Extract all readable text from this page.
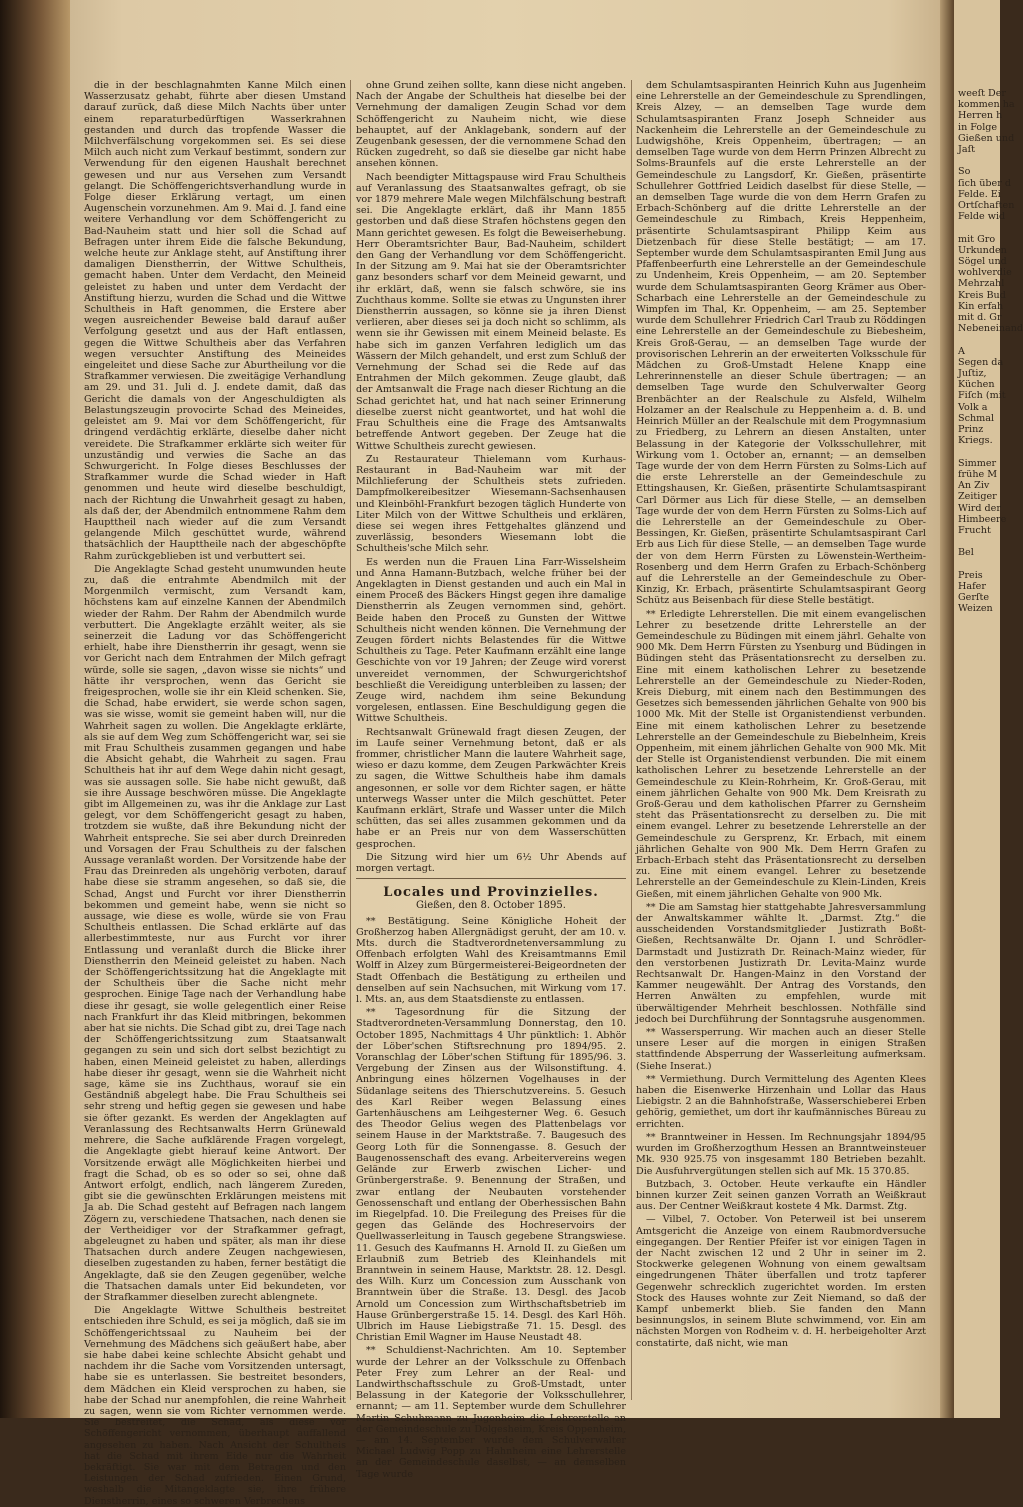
die in der beschlagnahmten Kanne Milch einen Wasserzusatz gehabt, führte aber diesen Umstand darauf zurück, daß diese Milch Nachts über unter einem reparaturbedürftigen Wasserkrahnen gestanden und durch das tropfende Wasser die Milchverfälschung vorgekommen sei. Es sei diese Milch auch nicht zum Verkauf bestimmt, sondern zur Verwendung für den eigenen Haushalt berechnet gewesen und nur aus Versehen zum Versandt gelangt. Die Schöffengerichtsverhandlung wurde in Folge dieser Erklärung vertagt, um einen Augenschein vorzunehmen. Am 9. Mai d. J. fand eine weitere Verhandlung vor dem Schöffengericht zu Bad-Nauheim statt und hier soll die Schad auf Befragen unter ihrem Eide die falsche Bekundung, welche heute zur Anklage steht, auf Anstiftung ihrer damaligen Dienstherrin, der Wittwe Schultheis, gemacht haben. Unter dem Verdacht, den Meineid geleistet zu haben und unter dem Verdacht der Anstiftung hierzu, wurden die Schad und die Wittwe Schultheis in Haft genommen, die Erstere aber wegen ausreichender Beweise bald darauf außer Verfolgung gesetzt und aus der Haft entlassen, gegen die Wittwe Schultheis aber das Verfahren wegen versuchter Anstiftung des Meineides eingeleitet und diese Sache zur Aburtheilung vor die Strafkammer verwiesen. Die zweitägige Verhandlung am 29. und 31. Juli d. J. endete damit, daß das Gericht die damals von der Angeschuldigten als Belastungszeugin provocirte Schad des Meineides, geleistet am 9. Mai vor dem Schöffengericht, für dringend verdächtig erklärte, dieselbe daher nicht vereidete. Die Strafkammer erklärte sich weiter für unzuständig und verwies die Sache an das Schwurgericht. In Folge dieses Beschlusses der Strafkammer wurde die Schad wieder in Haft genommen und heute wird dieselbe beschuldigt, nach der Richtung die Unwahrheit gesagt zu haben, als daß der, der Abendmilch entnommene Rahm dem Haupttheil nach wieder auf die zum Versandt gelangende Milch geschüttet wurde, während thatsächlich der Haupttheile nach der abgeschöpfte Rahm zurückgeblieben ist und verbuttert sei.

Die Angeklagte Schad gesteht unumwunden heute zu, daß die entrahmte Abendmilch mit der Morgenmilch vermischt, zum Versandt kam, höchstens kam auf einzelne Kannen der Abendmilch wieder der Rahm. Der Rahm der Abendmilch wurde verbuttert. Die Angeklagte erzählt weiter, als sie seinerzeit die Ladung vor das Schöffengericht erhielt, habe ihre Dienstherrin ihr gesagt, wenn sie vor Gericht nach dem Entrahmen der Milch gefragt würde, solle sie sagen, „davon wisse sie nichts“ und hätte ihr versprochen, wenn das Gericht sie freigesprochen, wolle sie ihr ein Kleid schenken. Sie, die Schad, habe erwidert, sie werde schon sagen, was sie wisse, womit sie gemeint haben will, nur die Wahrheit sagen zu wollen. Die Angeklagte erklärte, als sie auf dem Weg zum Schöffengericht war, sei sie mit Frau Schultheis zusammen gegangen und habe die Absicht gehabt, die Wahrheit zu sagen. Frau Schultheis hat ihr auf dem Wege dahin nicht gesagt, was sie aussagen solle. Sie habe nicht gewußt, daß sie ihre Aussage beschwören müsse. Die Angeklagte gibt im Allgemeinen zu, was ihr die Anklage zur Last gelegt, vor dem Schöffengericht gesagt zu haben, trotzdem sie wußte, daß ihre Bekundung nicht der Wahrheit entspreche. Sie sei aber durch Dreinreden und Vorsagen der Frau Schultheis zu der falschen Aussage veranlaßt worden. Der Vorsitzende habe der Frau das Dreinreden als ungehörig verboten, darauf habe diese sie stramm angesehen, so daß sie, die Schad, Angst und Furcht vor ihrer Dienstherrin bekommen und gemeint habe, wenn sie nicht so aussage, wie diese es wolle, würde sie von Frau Schultheis entlassen. Die Schad erklärte auf das allerbestimmteste, nur aus Furcht vor ihrer Entlassung und veranlaßt durch die Blicke ihrer Dienstherrin den Meineid geleistet zu haben. Nach der Schöffengerichtssitzung hat die Angeklagte mit der Schultheis über die Sache nicht mehr gesprochen. Einige Tage nach der Verhandlung habe diese ihr gesagt, sie wolle gelegentlich einer Reise nach Frankfurt ihr das Kleid mitbringen, bekommen aber hat sie nichts. Die Schad gibt zu, drei Tage nach der Schöffengerichtssitzung zum Staatsanwalt gegangen zu sein und sich dort selbst bezichtigt zu haben, einen Meineid geleistet zu haben, allerdings habe dieser ihr gesagt, wenn sie die Wahrheit nicht sage, käme sie ins Zuchthaus, worauf sie ein Geständniß abgelegt habe. Die Frau Schultheis sei sehr streng und heftig gegen sie gewesen und habe sie öfter gezankt. Es werden der Angeklagten auf Veranlassung des Rechtsanwalts Herrn Grünewald mehrere, die Sache aufklärende Fragen vorgelegt, die Angeklagte giebt hierauf keine Antwort. Der Vorsitzende erwägt alle Möglichkeiten hierbei und fragt die Schad, ob es so oder so sei, ohne daß Antwort erfolgt, endlich, nach längerem Zureden, gibt sie die gewünschten Erklärungen meistens mit Ja ab. Die Schad gesteht auf Befragen nach langem Zögern zu, verschiedene Thatsachen, nach denen sie der Vertheidiger vor der Strafkammer gefragt, abgeleugnet zu haben und später, als man ihr diese Thatsachen durch andere Zeugen nachgewiesen, dieselben zugestanden zu haben, ferner bestätigt die Angeklagte, daß sie den Zeugen gegenüber, welche die Thatsachen damals unter Eid bekundeten, vor der Strafkammer dieselben zurecht ablengnete.

Die Angeklagte Wittwe Schultheis bestreitet entschieden ihre Schuld, es sei ja möglich, daß sie im Schöffengerichtssaal zu Nauheim bei der Vernehmung des Mädchens sich geäußert habe, aber sie habe dabei keine schlechte Absicht gehabt und nachdem ihr die Sache vom Vorsitzenden untersagt, habe sie es unterlassen. Sie bestreitet besonders, dem Mädchen ein Kleid versprochen zu haben, sie habe der Schad nur anempfohlen, die reine Wahrheit zu sagen, wenn sie vom Richter vernommen werde. Sie bestreitet, die Schad, als diese vor Schöffengericht vernommen, überhaupt auffallend angesehen zu haben. Nach Ansicht der Schultheis hat die Schad mit ihrem Eide nur die Wahrheit bekräftigt. Sie war mit dem Betragen und den Leistungen der Schad zufrieden. Einen Grund, weshalb die Mitangeklagte sie, ihre frühere Dienstherrin, eines so schweren Verbrechens

ohne Grund zeihen sollte, kann diese nicht angeben. Nach der Angabe der Schultheis hat dieselbe bei der Vernehmung der damaligen Zeugin Schad vor dem Schöffengericht zu Nauheim nicht, wie diese behauptet, auf der Anklagebank, sondern auf der Zeugenbank gesessen, der die vernommene Schad den Rücken zugedreht, so daß sie dieselbe gar nicht habe ansehen können.

Nach beendigter Mittagspause wird Frau Schultheis auf Veranlassung des Staatsanwaltes gefragt, ob sie vor 1879 mehrere Male wegen Milchfälschung bestraft sei. Die Angeklagte erklärt, daß ihr Mann 1855 gestorben und daß diese Strafen höchstens gegen den Mann gerichtet gewesen. Es folgt die Beweiserhebung. Herr Oberamtsrichter Baur, Bad-Nauheim, schildert den Gang der Verhandlung vor dem Schöffengericht. In der Sitzung am 9. Mai hat sie der Oberamtsrichter ganz besonders scharf vor dem Meineid gewarnt, und ihr erklärt, daß, wenn sie falsch schwöre, sie ins Zuchthaus komme. Sollte sie etwas zu Ungunsten ihrer Dienstherrin aussagen, so könne sie ja ihren Dienst verlieren, aber dieses sei ja doch nicht so schlimm, als wenn sie ihr Gewissen mit einem Meineid belaste. Es habe sich im ganzen Verfahren lediglich um das Wässern der Milch gehandelt, und erst zum Schluß der Vernehmung der Schad sei die Rede auf das Entrahmen der Milch gekommen. Zeuge glaubt, daß der Amtsanwalt die Frage nach dieser Richtung an die Schad gerichtet hat, und hat nach seiner Erinnerung dieselbe zuerst nicht geantwortet, und hat wohl die Frau Schultheis eine die Frage des Amtsanwalts betreffende Antwort gegeben. Der Zeuge hat die Wittwe Schultheis zurecht gewiesen.

Zu Restaurateur Thielemann vom Kurhaus-Restaurant in Bad-Nauheim war mit der Milchlieferung der Schultheis stets zufrieden. Dampfmolkereibesitzer Wiesemann-Sachsenhausen und Kleinböhl-Frankfurt bezogen täglich Hunderte von Liter Milch von der Wittwe Schultheis und erklären, diese sei wegen ihres Fettgehaltes glänzend und zuverlässig, besonders Wiesemann lobt die Schultheis'sche Milch sehr.

Es werden nun die Frauen Lina Farr-Wisselsheim und Anna Hamann-Butzbach, welche früher bei der Angeklagten in Dienst gestanden und auch ein Mal in einem Proceß des Bäckers Hingst gegen ihre damalige Dienstherrin als Zeugen vernommen sind, gehört. Beide haben den Proceß zu Gunsten der Wittwe Schultheis nicht wenden können. Die Vernehmung der Zeugen fördert nichts Belastendes für die Wittwe Schultheis zu Tage. Peter Kaufmann erzählt eine lange Geschichte von vor 19 Jahren; der Zeuge wird vorerst unvereidet vernommen, der Schwurgerichtshof beschließt die Vereidigung unterbleiben zu lassen; der Zeuge wird, nachdem ihm seine Bekundung vorgelesen, entlassen. Eine Beschuldigung gegen die Wittwe Schultheis.

Rechtsanwalt Grünewald fragt diesen Zeugen, der im Laufe seiner Vernehmung betont, daß er als frommer, christlicher Mann die lautere Wahrheit sage, wieso er dazu komme, dem Zeugen Parkwächter Kreis zu sagen, die Wittwe Schultheis habe ihm damals angesonnen, er solle vor dem Richter sagen, er hätte unterwegs Wasser unter die Milch geschüttet. Peter Kaufmann erklärt, Strafe und Wasser unter die Milch schütten, das sei alles zusammen gekommen und da habe er an Preis nur von dem Wasserschütten gesprochen.

Die Sitzung wird hier um 6½ Uhr Abends auf morgen vertagt.

Locales und Provinzielles.
Gießen, den 8. October 1895.

** Bestätigung. Seine Königliche Hoheit der Großherzog haben Allergnädigst geruht, der am 10. v. Mts. durch die Stadtverordnetenversammlung zu Offenbach erfolgten Wahl des Kreisamtmanns Emil Wolff in Alzey zum Bürgermeisterei-Beigeordneten der Stadt Offenbach die Bestätigung zu ertheilen und denselben auf sein Nachsuchen, mit Wirkung vom 17. l. Mts. an, aus dem Staatsdienste zu entlassen.

** Tagesordnung für die Sitzung der Stadtverordneten-Versammlung Donnerstag, den 10. October 1895, Nachmittags 4 Uhr pünktlich: 1. Abhör der Löber'schen Stiftsrechnung pro 1894/95. 2. Voranschlag der Löber'schen Stiftung für 1895/96. 3. Vergebung der Zinsen aus der Wilsonstiftung. 4. Anbringung eines hölzernen Vogelhauses in der Südanlage seitens des Thierschutzvereins. 5. Gesuch des Karl Reiber wegen Belassung eines Gartenhäuschens am Leihgesterner Weg. 6. Gesuch des Theodor Gelius wegen des Plattenbelags vor seinem Hause in der Marktstraße. 7. Baugesuch des Georg Loth für die Sonnengasse. 8. Gesuch der Baugenossenschaft des evang. Arbeitervereins wegen Gelände zur Erwerb zwischen Licher- und Grünbergerstraße. 9. Benennung der Straßen, und zwar entlang der Neubauten vorstehender Genossenschaft und entlang der Oberhessischen Bahn im Riegelpfad. 10. Die Freilegung des Preises für die gegen das Gelände des Hochreservoirs der Quellwasserleitung in Tausch gegebene Strangswiese. 11. Gesuch des Kaufmanns H. Arnold II. zu Gießen um Erlaubniß zum Betrieb des Kleinhandels mit Branntwein in seinem Hause, Marktstr. 28. 12. Desgl. des Wilh. Kurz um Concession zum Ausschank von Branntwein über die Straße. 13. Desgl. des Jacob Arnold um Concession zum Wirthschaftsbetrieb im Hause Grünbergerstraße 15. 14. Desgl. des Karl Höh. Ulbrich im Hause Liebigstraße 71. 15. Desgl. des Christian Emil Wagner im Hause Neustadt 48.

** Schuldienst-Nachrichten. Am 10. September wurde der Lehrer an der Volksschule zu Offenbach Peter Frey zum Lehrer an der Real- und Landwirthschaftsschule zu Groß-Umstadt, unter Belassung in der Kategorie der Volksschullehrer, ernannt; — am 11. September wurde dem Schullehrer Martin Schuhmann zu Jugenheim die Lehrerstelle an der Gemeindeschule zu Dolgesheim, Kreis Oppenheim, — am 14. September wurde dem Schulverwalter Michael Ludwig Popp zu Hahnheim eine Lehrerstelle an der Gemeindeschule daselbst, — an demselben Tage wurde

dem Schulamtsaspiranten Heinrich Kuhn aus Jugenheim eine Lehrerstelle an der Gemeindeschule zu Sprendlingen, Kreis Alzey, — an demselben Tage wurde dem Schulamtsaspiranten Franz Joseph Schneider aus Nackenheim die Lehrerstelle an der Gemeindeschule zu Ludwigshöhe, Kreis Oppenheim, übertragen; — an demselben Tage wurde von dem Herrn Prinzen Albrecht zu Solms-Braunfels auf die erste Lehrerstelle an der Gemeindeschule zu Langsdorf, Kr. Gießen, präsentirte Schullehrer Gottfried Leidich daselbst für diese Stelle, — an demselben Tage wurde die von dem Herrn Grafen zu Erbach-Schönberg auf die dritte Lehrerstelle an der Gemeindeschule zu Rimbach, Kreis Heppenheim, präsentirte Schulamtsaspirant Philipp Keim aus Dietzenbach für diese Stelle bestätigt; — am 17. September wurde dem Schulamtsaspiranten Emil Jung aus Pfaffenbeerfurth eine Lehrerstelle an der Gemeindeschule zu Undenheim, Kreis Oppenheim, — am 20. September wurde dem Schulamtsaspiranten Georg Krämer aus Ober-Scharbach eine Lehrerstelle an der Gemeindeschule zu Wimpfen im Thal, Kr. Oppenheim, — am 25. September wurde dem Schullehrer Friedrich Carl Traub zu Röddingen eine Lehrerstelle an der Gemeindeschule zu Biebesheim, Kreis Groß-Gerau, — an demselben Tage wurde der provisorischen Lehrerin an der erweiterten Volksschule für Mädchen zu Groß-Umstadt Helene Knapp eine Lehrerinnenstelle an dieser Schule übertragen; — an demselben Tage wurde den Schulverwalter Georg Brenbächter an der Realschule zu Alsfeld, Wilhelm Holzamer an der Realschule zu Heppenheim a. d. B. und Heinrich Müller an der Realschule mit dem Progymnasium zu Friedberg, zu Lehrern an diesen Anstalten, unter Belassung in der Kategorie der Volksschullehrer, mit Wirkung vom 1. October an, ernannt; — an demselben Tage wurde der von dem Herrn Fürsten zu Solms-Lich auf die erste Lehrerstelle an der Gemeindeschule zu Ettingshausen, Kr. Gießen, präsentirte Schulamtsaspirant Carl Dörmer aus Lich für diese Stelle, — an demselben Tage wurde der von dem Herrn Fürsten zu Solms-Lich auf die Lehrerstelle an der Gemeindeschule zu Ober-Bessingen, Kr. Gießen, präsentirte Schulamtsaspirant Carl Erb aus Lich für diese Stelle, — an demselben Tage wurde der von dem Herrn Fürsten zu Löwenstein-Wertheim-Rosenberg und dem Herrn Grafen zu Erbach-Schönberg auf die Lehrerstelle an der Gemeindeschule zu Ober-Kinzig, Kr. Erbach, präsentirte Schulamtsaspirant Georg Schütz aus Beisenbach für diese Stelle bestätigt.

** Erledigte Lehrerstellen. Die mit einem evangelischen Lehrer zu besetzende dritte Lehrerstelle an der Gemeindeschule zu Büdingen mit einem jährl. Gehalte von 900 Mk. Dem Herrn Fürsten zu Ysenburg und Büdingen in Büdingen steht das Präsentationsrecht zu derselben zu. Eine mit einem katholischen Lehrer zu besetzende Lehrerstelle an der Gemeindeschule zu Nieder-Roden, Kreis Dieburg, mit einem nach den Bestimmungen des Gesetzes sich bemessenden jährlichen Gehalte von 900 bis 1000 Mk. Mit der Stelle ist Organistendienst verbunden. Eine mit einem katholischen Lehrer zu besetzende Lehrerstelle an der Gemeindeschule zu Biebelnheim, Kreis Oppenheim, mit einem jährlichen Gehalte von 900 Mk. Mit der Stelle ist Organistendienst verbunden. Die mit einem katholischen Lehrer zu besetzende Lehrerstelle an der Gemeindeschule zu Klein-Rohrheim, Kr. Groß-Gerau, mit einem jährlichen Gehalte von 900 Mk. Dem Kreisrath zu Groß-Gerau und dem katholischen Pfarrer zu Gernsheim steht das Präsentationsrecht zu derselben zu. Die mit einem evangel. Lehrer zu besetzende Lehrerstelle an der Gemeindeschule zu Gersprenz, Kr. Erbach, mit einem jährlichen Gehalte von 900 Mk. Dem Herrn Grafen zu Erbach-Erbach steht das Präsentationsrecht zu derselben zu. Eine mit einem evangel. Lehrer zu besetzende Lehrerstelle an der Gemeindeschule zu Klein-Linden, Kreis Gießen, mit einem jährlichen Gehalte von 900 Mk.

** Die am Samstag hier stattgehabte Jahresversammlung der Anwaltskammer wählte lt. „Darmst. Ztg.“ die ausscheidenden Vorstandsmitglieder Justizrath Boßt-Gießen, Rechtsanwälte Dr. Ojann I. und Schrödler-Darmstadt und Justizrath Dr. Reinach-Mainz wieder, für den verstorbenen Justizrath Dr. Levita-Mainz wurde Rechtsanwalt Dr. Hangen-Mainz in den Vorstand der Kammer neugewählt. Der Antrag des Vorstands, den Herren Anwälten zu empfehlen, wurde mit überwältigender Mehrheit beschlossen. Nothfälle sind jedoch bei Durchführung der Sonntagsruhe ausgenommen.

** Wassersperrung. Wir machen auch an dieser Stelle unsere Leser auf die morgen in einigen Straßen stattfindende Absperrung der Wasserleitung aufmerksam. (Siehe Inserat.)

** Vermiethung. Durch Vermittelung des Agenten Klees haben die Eisenwerke Hirzenhain und Lollar das Haus Liebigstr. 2 an die Bahnhofstraße, Wasserschieberei Erben gehörig, gemiethet, um dort ihr kaufmännisches Büreau zu errichten.

** Branntweiner in Hessen. Im Rechnungsjahr 1894/95 wurden im Großherzogthum Hessen an Branntweinsteuer Mk. 930 925.75 von insgesammt 180 Betrieben bezahlt. Die Ausfuhrvergütungen stellen sich auf Mk. 15 370.85.

Butzbach, 3. October. Heute verkaufte ein Händler binnen kurzer Zeit seinen ganzen Vorrath an Weißkraut aus. Der Centner Weißkraut kostete 4 Mk. Darmst. Ztg.

— Vilbel, 7. October. Von Peterweil ist bei unserem Amtsgericht die Anzeige von einem Raubmordversuche eingegangen. Der Rentier Pfeifer ist vor einigen Tagen in der Nacht zwischen 12 und 2 Uhr in seiner im 2. Stockwerke gelegenen Wohnung von einem gewaltsam eingedrungenen Thäter überfallen und trotz tapferer Gegenwehr schrecklich zugerichtet worden. Im ersten Stock des Hauses wohnte zur Zeit Niemand, so daß der Kampf unbemerkt blieb. Sie fanden den Mann besinnungslos, in seinem Blute schwimmend, vor. Ein am nächsten Morgen von Rodheim v. d. H. herbeigeholter Arzt constatirte, daß nicht, wie man

weeſt Der
kommen ha
Herren h
in Folge
Gießen und
Jaſt

So
ſich über d
Felde. Ei
Ortſchaften
Felde wid

mit Gro
Urkunden
Sögel und
wohlverdie
Mehrzahl
Kreis Bud
Kin erfah
mit d. Gr
Nebeneinand

A
Segen da
Juſtiz,
Küchen
Fiſch (mit
Volk a
Schmal
Prinz
Kriegs.

Simmer
frühe M
An Ziv
Zeitiger
Wird der
Himbeere
Frucht

Bel

Preis
Hafer
Gerſte
Weizen
